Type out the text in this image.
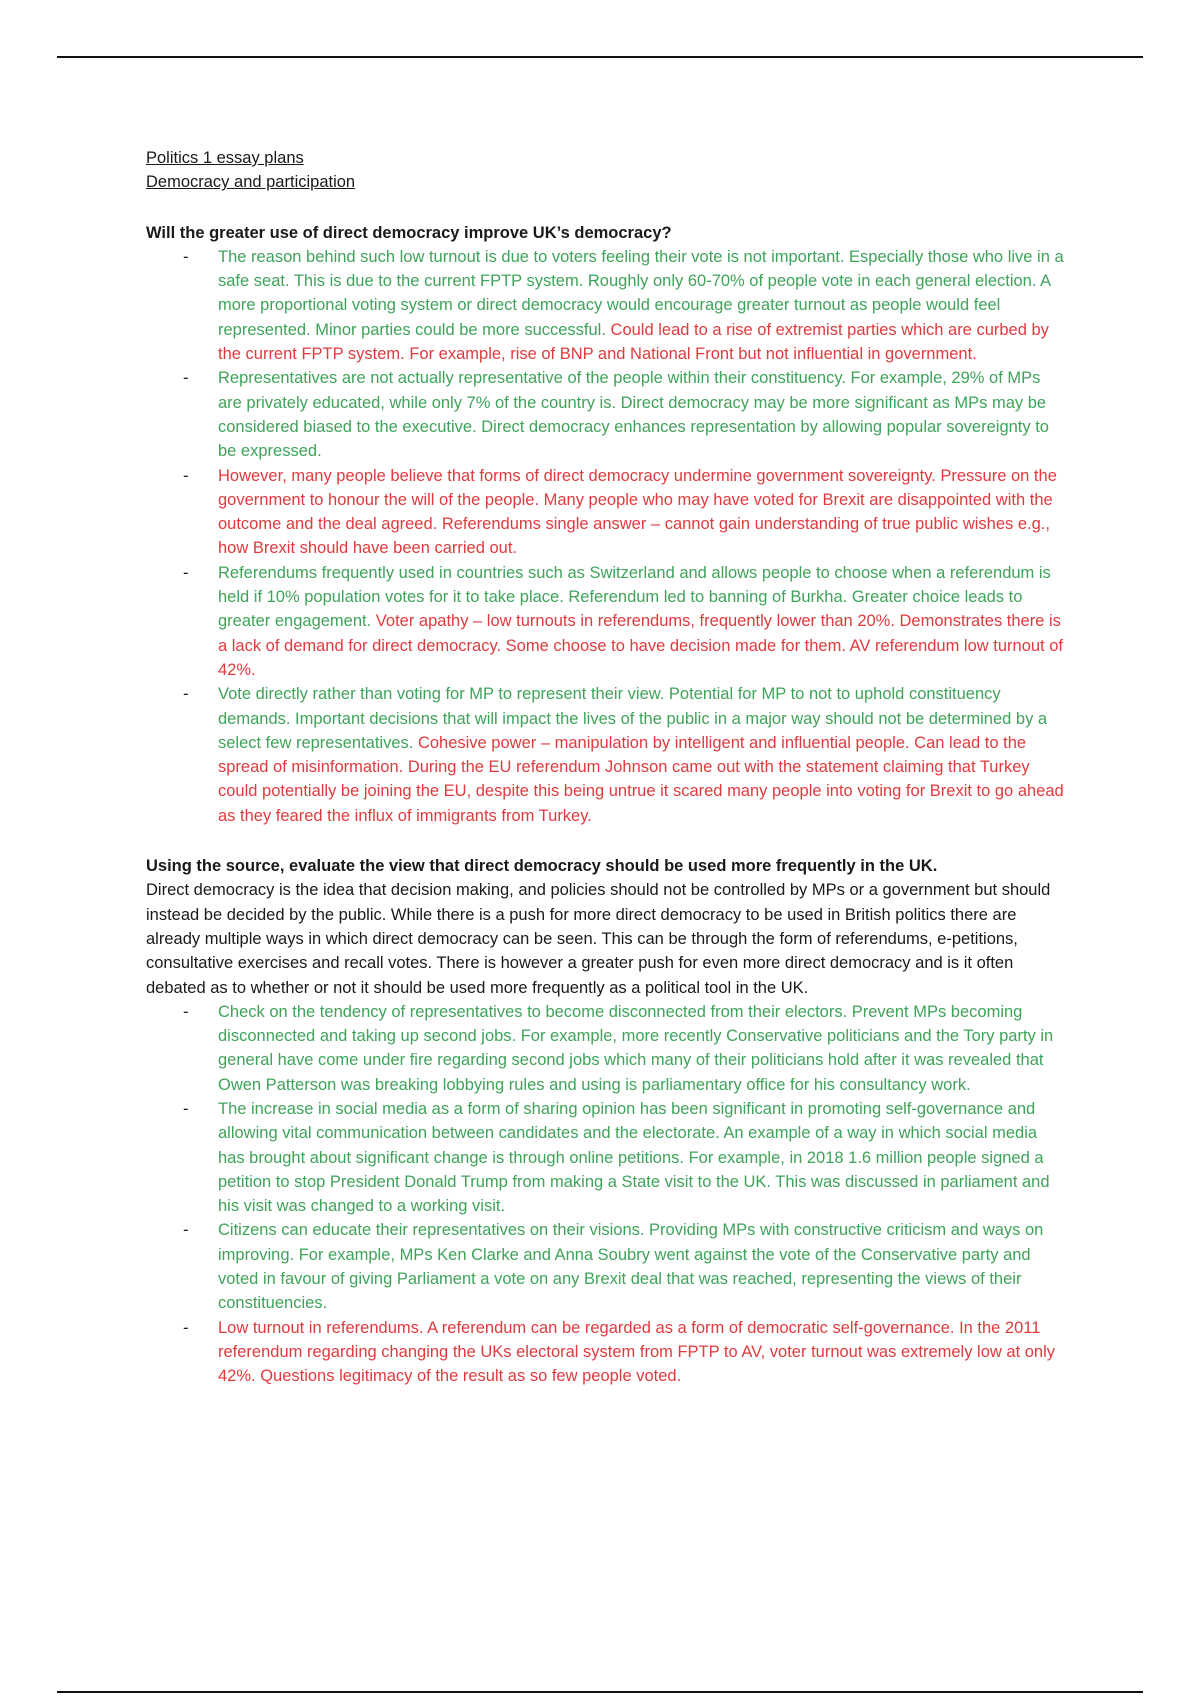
Politics 1 essay plans
Democracy and participation
Will the greater use of direct democracy improve UK’s democracy?
- The reason behind such low turnout is due to voters feeling their vote is not important. Especially those who live in a safe seat. This is due to the current FPTP system. Roughly only 60-70% of people vote in each general election. A more proportional voting system or direct democracy would encourage greater turnout as people would feel represented. Minor parties could be more successful. Could lead to a rise of extremist parties which are curbed by the current FPTP system. For example, rise of BNP and National Front but not influential in government.
- Representatives are not actually representative of the people within their constituency. For example, 29% of MPs are privately educated, while only 7% of the country is. Direct democracy may be more significant as MPs may be considered biased to the executive. Direct democracy enhances representation by allowing popular sovereignty to be expressed.
- However, many people believe that forms of direct democracy undermine government sovereignty. Pressure on the government to honour the will of the people. Many people who may have voted for Brexit are disappointed with the outcome and the deal agreed. Referendums single answer – cannot gain understanding of true public wishes e.g., how Brexit should have been carried out.
- Referendums frequently used in countries such as Switzerland and allows people to choose when a referendum is held if 10% population votes for it to take place. Referendum led to banning of Burkha. Greater choice leads to greater engagement. Voter apathy – low turnouts in referendums, frequently lower than 20%. Demonstrates there is a lack of demand for direct democracy. Some choose to have decision made for them. AV referendum low turnout of 42%.
- Vote directly rather than voting for MP to represent their view. Potential for MP to not to uphold constituency demands. Important decisions that will impact the lives of the public in a major way should not be determined by a select few representatives. Cohesive power – manipulation by intelligent and influential people. Can lead to the spread of misinformation. During the EU referendum Johnson came out with the statement claiming that Turkey could potentially be joining the EU, despite this being untrue it scared many people into voting for Brexit to go ahead as they feared the influx of immigrants from Turkey.
Using the source, evaluate the view that direct democracy should be used more frequently in the UK.

Direct democracy is the idea that decision making, and policies should not be controlled by MPs or a government but should instead be decided by the public. While there is a push for more direct democracy to be used in British politics there are already multiple ways in which direct democracy can be seen. This can be through the form of referendums, e-petitions, consultative exercises and recall votes. There is however a greater push for even more direct democracy and is it often debated as to whether or not it should be used more frequently as a political tool in the UK.

- Check on the tendency of representatives to become disconnected from their electors. Prevent MPs becoming disconnected and taking up second jobs. For example, more recently Conservative politicians and the Tory party in general have come under fire regarding second jobs which many of their politicians hold after it was revealed that Owen Patterson was breaking lobbying rules and using is parliamentary office for his consultancy work.
- The increase in social media as a form of sharing opinion has been significant in promoting self-governance and allowing vital communication between candidates and the electorate. An example of a way in which social media has brought about significant change is through online petitions. For example, in 2018 1.6 million people signed a petition to stop President Donald Trump from making a State visit to the UK. This was discussed in parliament and his visit was changed to a working visit.
- Citizens can educate their representatives on their visions. Providing MPs with constructive criticism and ways on improving. For example, MPs Ken Clarke and Anna Soubry went against the vote of the Conservative party and voted in favour of giving Parliament a vote on any Brexit deal that was reached, representing the views of their constituencies.
- Low turnout in referendums. A referendum can be regarded as a form of democratic self-governance. In the 2011 referendum regarding changing the UKs electoral system from FPTP to AV, voter turnout was extremely low at only 42%. Questions legitimacy of the result as so few people voted.
